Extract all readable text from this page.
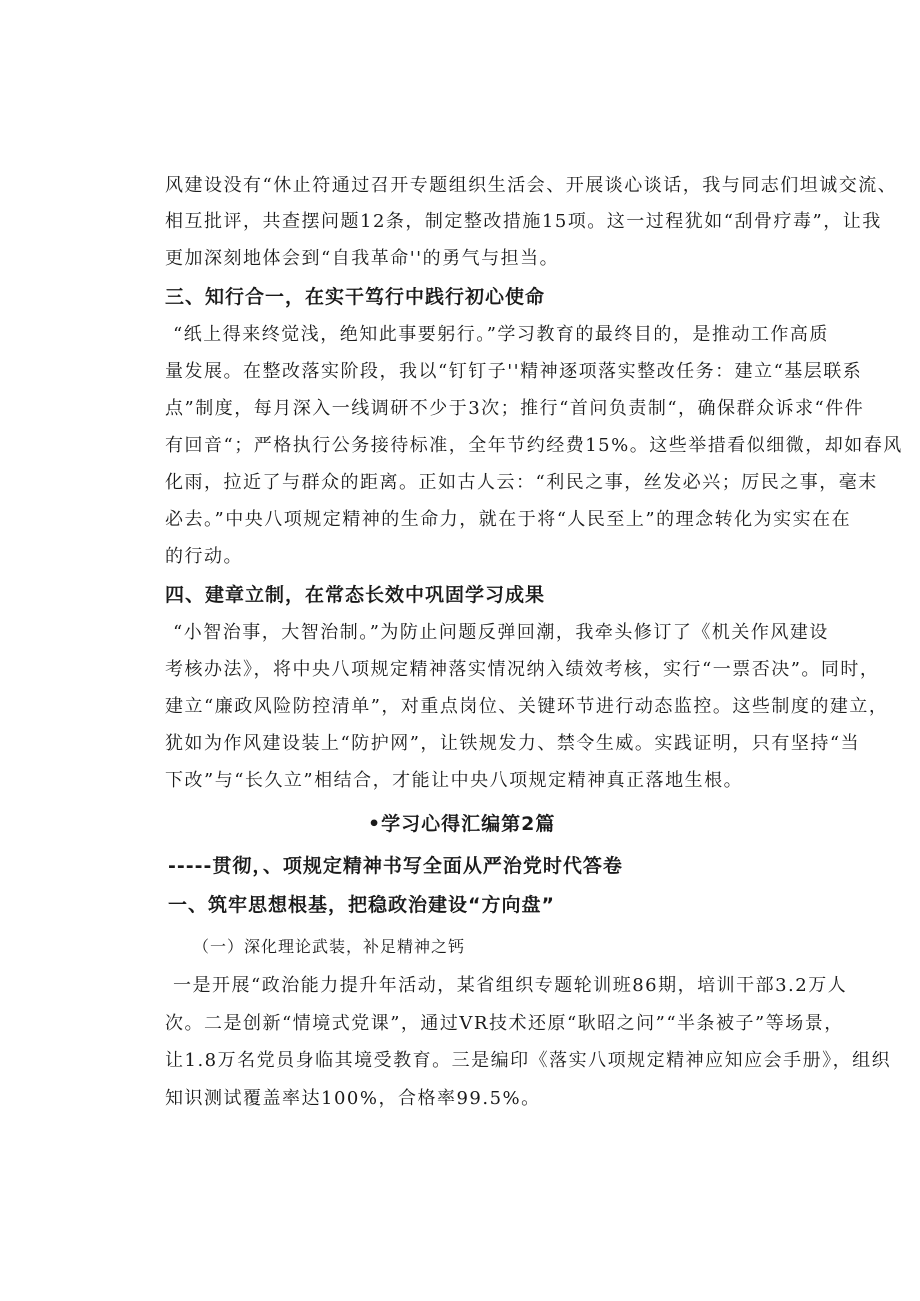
风建设没有“休止符通过召开专题组织生活会、开展谈心谈话，我与同志们坦诚交流、
相互批评，共查摆问题12条，制定整改措施15项。这一过程犹如“刮骨疗毒”，让我
更加深刻地体会到“自我革命''的勇气与担当。
三、知行合一，在实干笃行中践行初心使命
“纸上得来终觉浅，绝知此事要躬行。”学习教育的最终目的，是推动工作高质
量发展。在整改落实阶段，我以“钉钉子''精神逐项落实整改任务：建立“基层联系
点”制度，每月深入一线调研不少于3次；推行“首问负责制“，确保群众诉求“件件
有回音“；严格执行公务接待标准，全年节约经费15%。这些举措看似细微，却如春风
化雨，拉近了与群众的距离。正如古人云：“利民之事，丝发必兴；厉民之事，毫末
必去。”中央八项规定精神的生命力，就在于将“人民至上”的理念转化为实实在在
的行动。
四、建章立制，在常态长效中巩固学习成果
“小智治事，大智治制。”为防止问题反弹回潮，我牵头修订了《机关作风建设
考核办法》，将中央八项规定精神落实情况纳入绩效考核，实行“一票否决”。同时，
建立“廉政风险防控清单”，对重点岗位、关键环节进行动态监控。这些制度的建立，
犹如为作风建设装上“防护网”，让铁规发力、禁令生威。实践证明，只有坚持“当
下改”与“长久立”相结合，才能让中央八项规定精神真正落地生根。
•学习心得汇编第2篇
-----贯彻，、项规定精神书写全面从严治党时代答卷
一、筑牢思想根基，把稳政治建设“方向盘”
（一）深化理论武装，补足精神之钙
一是开展“政治能力提升年活动，某省组织专题轮训班86期，培训干部3.2万人
次。二是创新“情境式党课”，通过VR技术还原“耿昭之问”“半条被子”等场景，
让1.8万名党员身临其境受教育。三是编印《落实八项规定精神应知应会手册》，组织
知识测试覆盖率达100%，合格率99.5%。
